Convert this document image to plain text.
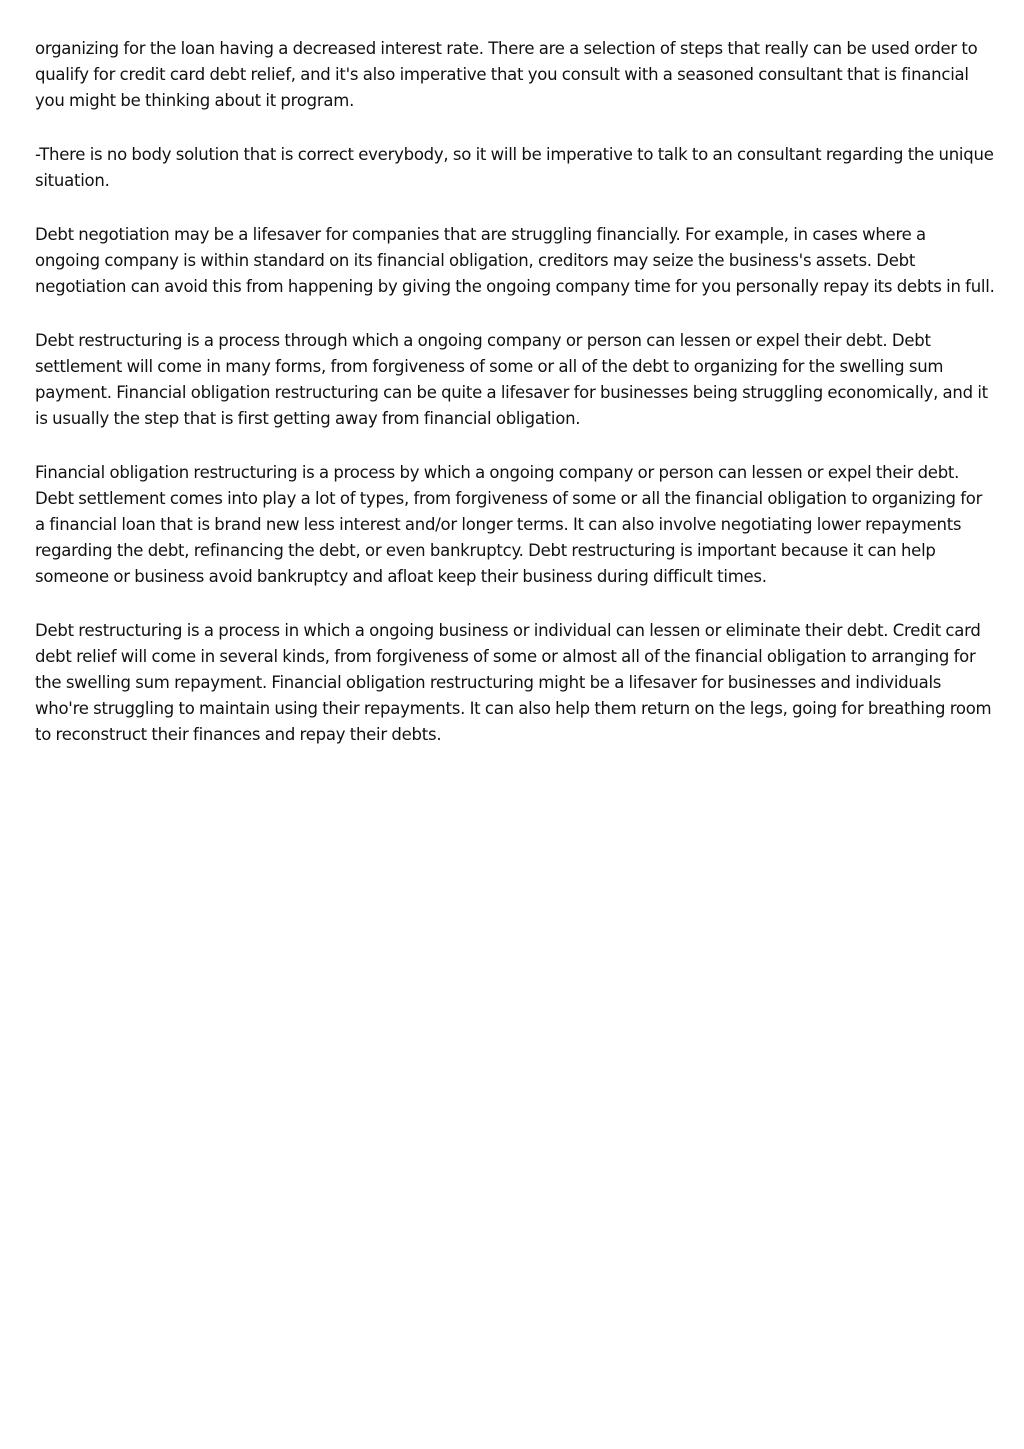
organizing for the loan having a decreased interest rate. There are a selection of steps that really can be used order to qualify for credit card debt relief, and it's also imperative that you consult with a seasoned consultant that is financial you might be thinking about it program.

-There is no body solution that is correct everybody, so it will be imperative to talk to an consultant regarding the unique situation.

Debt negotiation may be a lifesaver for companies that are struggling financially. For example, in cases where a ongoing company is within standard on its financial obligation, creditors may seize the business's assets. Debt negotiation can avoid this from happening by giving the ongoing company time for you personally repay its debts in full.

Debt restructuring is a process through which a ongoing company or person can lessen or expel their debt. Debt settlement will come in many forms, from forgiveness of some or all of the debt to organizing for the swelling sum payment. Financial obligation restructuring can be quite a lifesaver for businesses being struggling economically, and it is usually the step that is first getting away from financial obligation.

Financial obligation restructuring is a process by which a ongoing company or person can lessen or expel their debt. Debt settlement comes into play a lot of types, from forgiveness of some or all the financial obligation to organizing for a financial loan that is brand new less interest and/or longer terms. It can also involve negotiating lower repayments regarding the debt, refinancing the debt, or even bankruptcy. Debt restructuring is important because it can help someone or business avoid bankruptcy and afloat keep their business during difficult times.

Debt restructuring is a process in which a ongoing business or individual can lessen or eliminate their debt. Credit card debt relief will come in several kinds, from forgiveness of some or almost all of the financial obligation to arranging for the swelling sum repayment. Financial obligation restructuring might be a lifesaver for businesses and individuals who're struggling to maintain using their repayments. It can also help them return on the legs, going for breathing room to reconstruct their finances and repay their debts.
